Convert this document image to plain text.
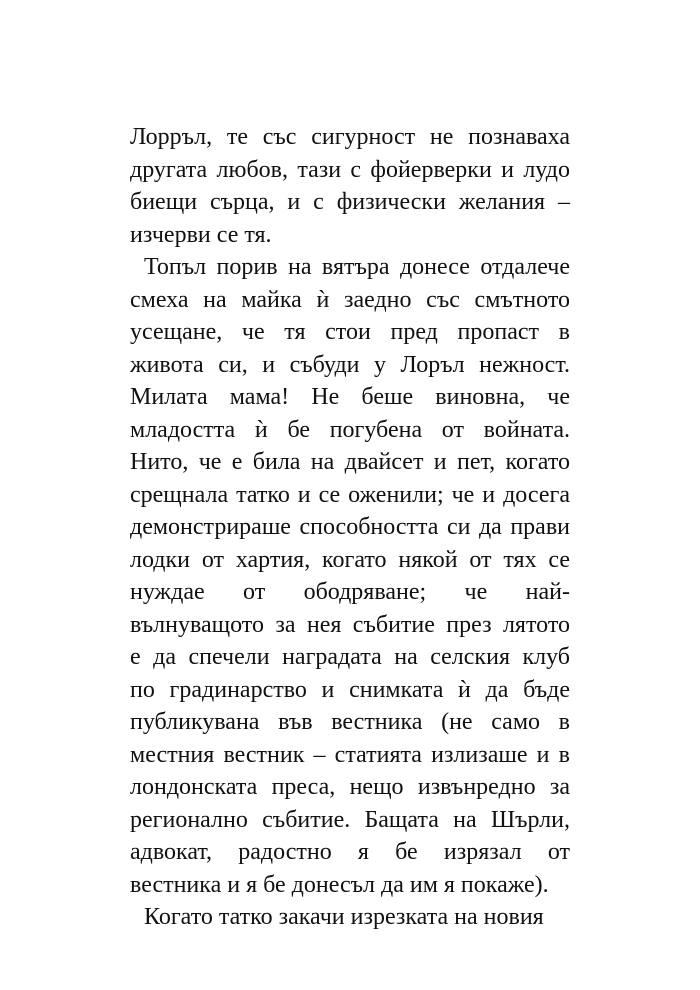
Лорръл, те със сигурност не познаваха
другата любов, тази с фойерверки и лудо
биещи сърца, и с физически желания –
изчерви се тя.
Топъл порив на вятъра донесе отдалече
смеха на майка ѝ заедно със смътното
усещане, че тя стои пред пропаст в
живота си, и събуди у Лоръл нежност.
Милата мама! Не беше виновна, че
младостта ѝ бе погубена от войната.
Нито, че е била на двайсет и пет, когато
срещнала татко и се оженили; че и досега
демонстрираше способността си да прави
лодки от хартия, когато някой от тях се
нуждае от ободряване; че най-
вълнуващото за нея събитие през лятото
е да спечели наградата на селския клуб
по градинарство и снимката ѝ да бъде
публикувана във вестника (не само в
местния вестник – статията излизаше и в
лондонската преса, нещо извънредно за
регионално събитие. Бащата на Шърли,
адвокат, радостно я бе изрязал от
вестника и я бе донесъл да им я покаже).
Когато татко закачи изрезката на новия
